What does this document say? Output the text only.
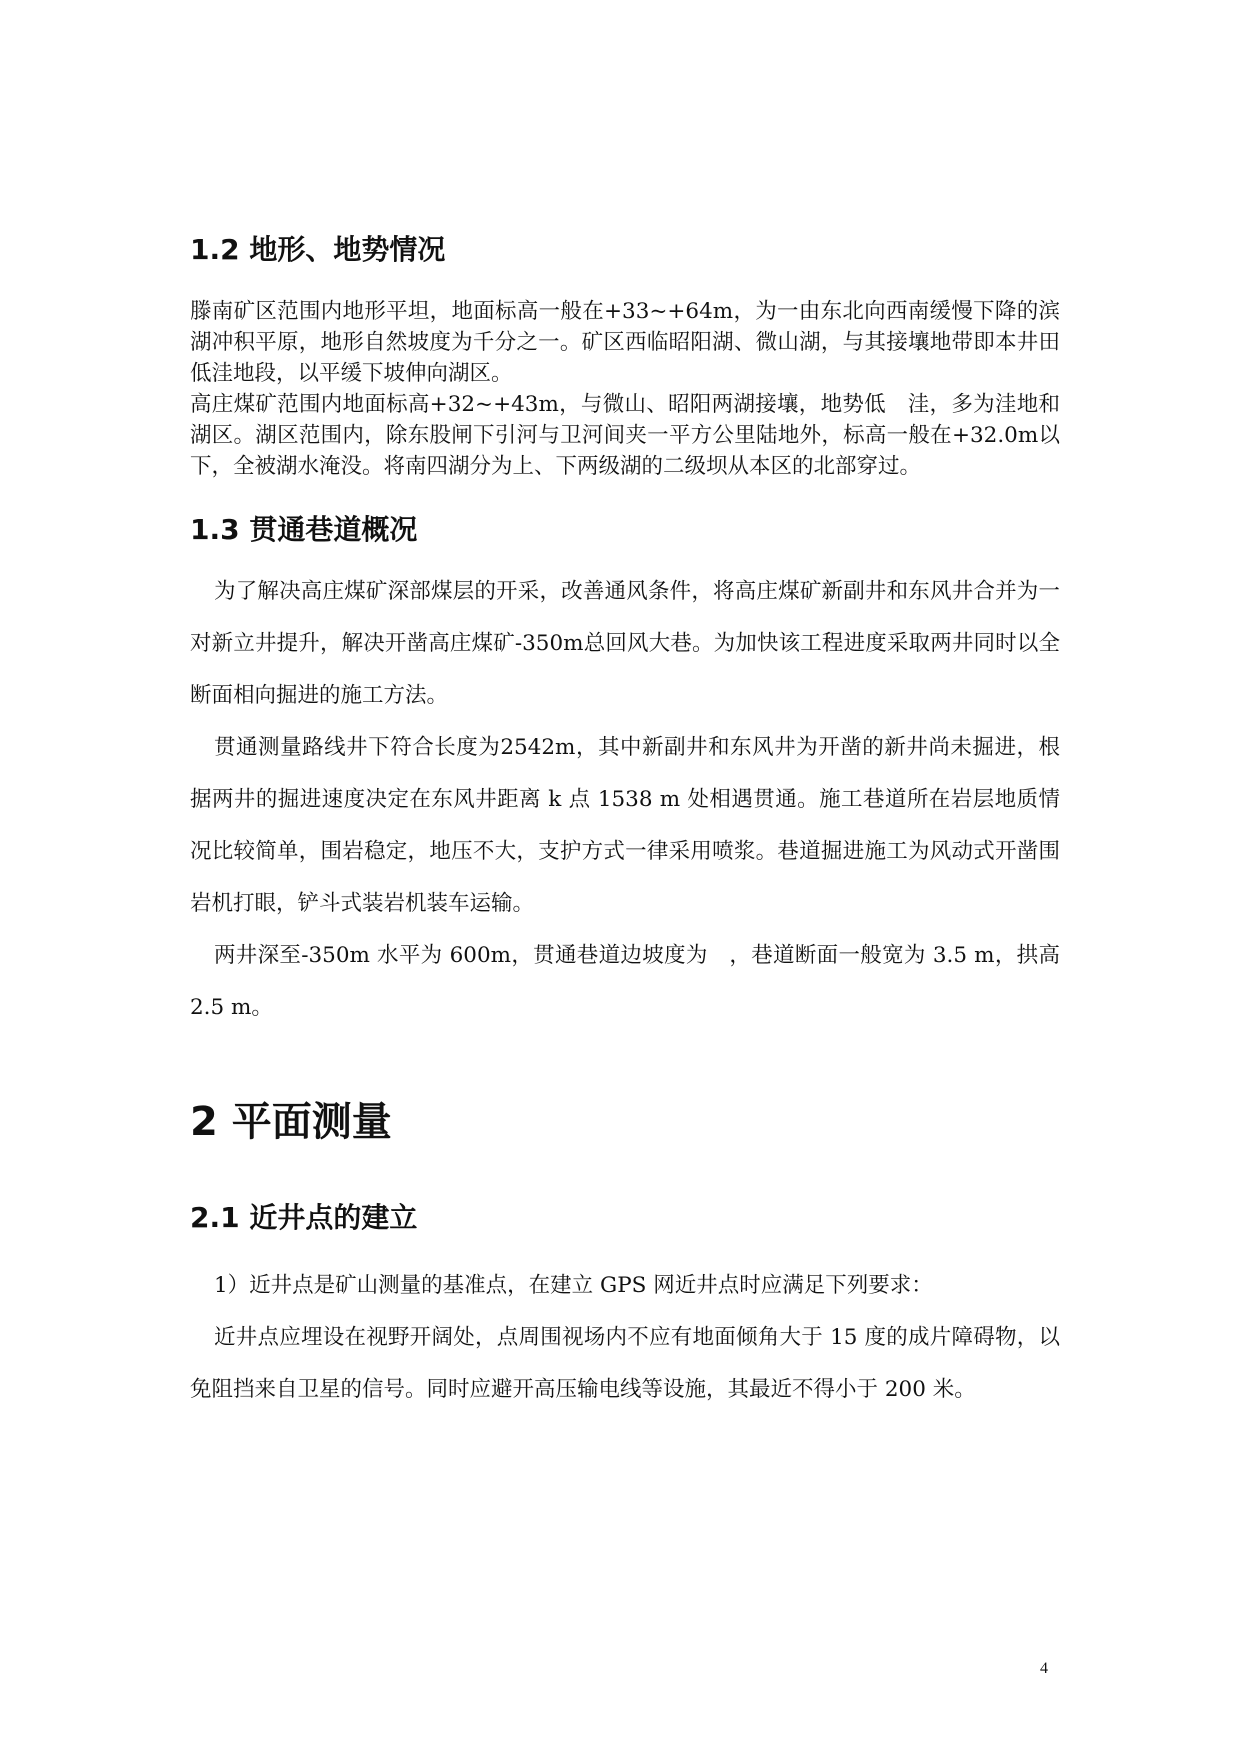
1.2 地形、地势情况

滕南矿区范围内地形平坦，地面标高一般在+33~+64m，为一由东北向西南缓慢下降的滨湖冲积平原，地形自然坡度为千分之一。矿区西临昭阳湖、微山湖，与其接壤地带即本井田低洼地段，以平缓下坡伸向湖区。

高庄煤矿范围内地面标高+32~+43m，与微山、昭阳两湖接壤，地势低　洼，多为洼地和湖区。湖区范围内，除东股闸下引河与卫河间夹一平方公里陆地外，标高一般在+32.0m以下，全被湖水淹没。将南四湖分为上、下两级湖的二级坝从本区的北部穿过。

1.3 贯通巷道概况

为了解决高庄煤矿深部煤层的开采，改善通风条件，将高庄煤矿新副井和东风井合并为一对新立井提升，解决开凿高庄煤矿-350m总回风大巷。为加快该工程进度采取两井同时以全断面相向掘进的施工方法。

贯通测量路线井下符合长度为2542m，其中新副井和东风井为开凿的新井尚未掘进，根据两井的掘进速度决定在东风井距离 k 点 1538 m 处相遇贯通。施工巷道所在岩层地质情况比较简单，围岩稳定，地压不大，支护方式一律采用喷浆。巷道掘进施工为风动式开凿围岩机打眼，铲斗式装岩机装车运输。

两井深至-350m 水平为 600m，贯通巷道边坡度为　，巷道断面一般宽为 3.5 m，拱高 2.5 m。

2 平面测量
2.1 近井点的建立

1）近井点是矿山测量的基准点，在建立 GPS 网近井点时应满足下列要求：

近井点应埋设在视野开阔处，点周围视场内不应有地面倾角大于 15 度的成片障碍物，以免阻挡来自卫星的信号。同时应避开高压输电线等设施，其最近不得小于 200 米。

4
